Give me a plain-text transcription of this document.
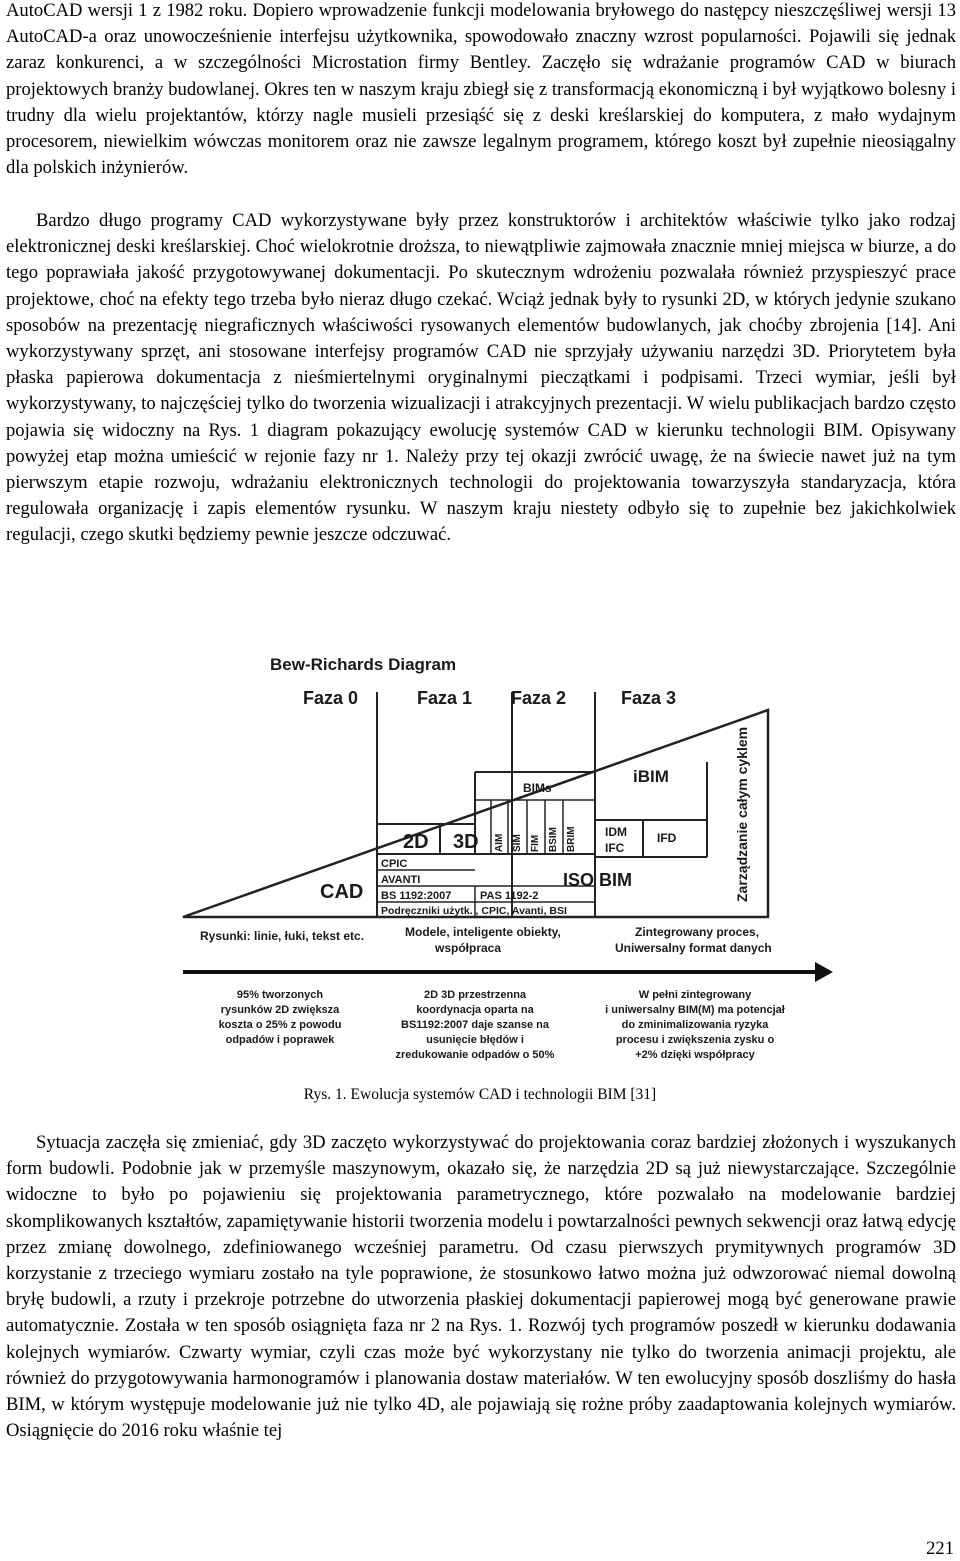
AutoCAD wersji 1 z 1982 roku. Dopiero wprowadzenie funkcji modelowania bryłowego do następcy nieszczęśliwej wersji 13 AutoCAD-a oraz unowocześnienie interfejsu użytkownika, spowodowało znaczny wzrost popularności. Pojawili się jednak zaraz konkurenci, a w szczególności Microstation firmy Bentley. Zaczęło się wdrażanie programów CAD w biurach projektowych branży budowlanej. Okres ten w naszym kraju zbiegł się z transformacją ekonomiczną i był wyjątkowo bolesny i trudny dla wielu projektantów, którzy nagle musieli przesiąść się z deski kreślarskiej do komputera, z mało wydajnym procesorem, niewielkim wówczas monitorem oraz nie zawsze legalnym programem, którego koszt był zupełnie nieosiągalny dla polskich inżynierów.

Bardzo długo programy CAD wykorzystywane były przez konstruktorów i architektów właściwie tylko jako rodzaj elektronicznej deski kreślarskiej. Choć wielokrotnie droższa, to niewątpliwie zajmowała znacznie mniej miejsca w biurze, a do tego poprawiała jakość przygotowywanej dokumentacji. Po skutecznym wdrożeniu pozwalała również przyspieszyć prace projektowe, choć na efekty tego trzeba było nieraz długo czekać. Wciąż jednak były to rysunki 2D, w których jedynie szukano sposobów na prezentację niegraficznych właściwości rysowanych elementów budowlanych, jak choćby zbrojenia [14]. Ani wykorzystywany sprzęt, ani stosowane interfejsy programów CAD nie sprzyjały używaniu narzędzi 3D. Priorytetem była płaska papierowa dokumentacja z nieśmiertelnymi oryginalnymi pieczątkami i podpisami. Trzeci wymiar, jeśli był wykorzystywany, to najczęściej tylko do tworzenia wizualizacji i atrakcyjnych prezentacji. W wielu publikacjach bardzo często pojawia się widoczny na Rys. 1 diagram pokazujący ewolucję systemów CAD w kierunku technologii BIM. Opisywany powyżej etap można umieścić w rejonie fazy nr 1. Należy przy tej okazji zwrócić uwagę, że na świecie nawet już na tym pierwszym etapie rozwoju, wdrażaniu elektronicznych technologii do projektowania towarzyszyła standaryzacja, która regulowała organizację i zapis elementów rysunku. W naszym kraju niestety odbyło się to zupełnie bez jakichkolwiek regulacji, czego skutki będziemy pewnie jeszcze odczuwać.

Bew-Richards Diagram
Faza 0	Faza 1 Faza 2	Faza 3
CAD
2D 3D
BIMs
iBIM
IDM
IFC
IFD
ISO BIM
AIM SIM FIM BSIM BRIM
CPIC
AVANTI
BS 1192:2007	PAS 1192-2
Podręczniki użytk. , CPIC, Avanti, BSI
Zarządzanie całym cyklem
Rysunki: linie, łuki, tekst etc.	Modele, inteligente obiekty,
współpraca
Zintegrowany proces,
Uniwersalny format danych
95% tworzonych
rysunków 2D zwiększa
koszta o 25% z powodu
odpadów i poprawek
2D 3D przestrzenna
koordynacja oparta na
BS1192:2007 daje szanse na
usunięcie błędów i
zredukowanie odpadów o 50%
W pełni zintegrowany
i uniwersalny BIM(M) ma potencjał
do zminimalizowania ryzyka
procesu i zwiększenia zysku o
+2% dzięki współpracy
Rys. 1. Ewolucja systemów CAD i technologii BIM [31]

Sytuacja zaczęła się zmieniać, gdy 3D zaczęto wykorzystywać do projektowania coraz bardziej złożonych i wyszukanych form budowli. Podobnie jak w przemyśle maszynowym, okazało się, że narzędzia 2D są już niewystarczające. Szczególnie widoczne to było po pojawieniu się projektowania parametrycznego, które pozwalało na modelowanie bardziej skomplikowanych kształtów, zapamiętywanie historii tworzenia modelu i powtarzalności pewnych sekwencji oraz łatwą edycję przez zmianę dowolnego, zdefiniowanego wcześniej parametru. Od czasu pierwszych prymitywnych programów 3D korzystanie z trzeciego wymiaru zostało na tyle poprawione, że stosunkowo łatwo można już odwzorować niemal dowolną bryłę budowli, a rzuty i przekroje potrzebne do utworzenia płaskiej dokumentacji papierowej mogą być generowane prawie automatycznie. Została w ten sposób osiągnięta faza nr 2 na Rys. 1. Rozwój tych programów poszedł w kierunku dodawania kolejnych wymiarów. Czwarty wymiar, czyli czas może być wykorzystany nie tylko do tworzenia animacji projektu, ale również do przygotowywania harmonogramów i planowania dostaw materiałów. W ten ewolucyjny sposób doszliśmy do hasła BIM, w którym występuje modelowanie już nie tylko 4D, ale pojawiają się rożne próby zaadaptowania kolejnych wymiarów. Osiągnięcie do 2016 roku właśnie tej

221
